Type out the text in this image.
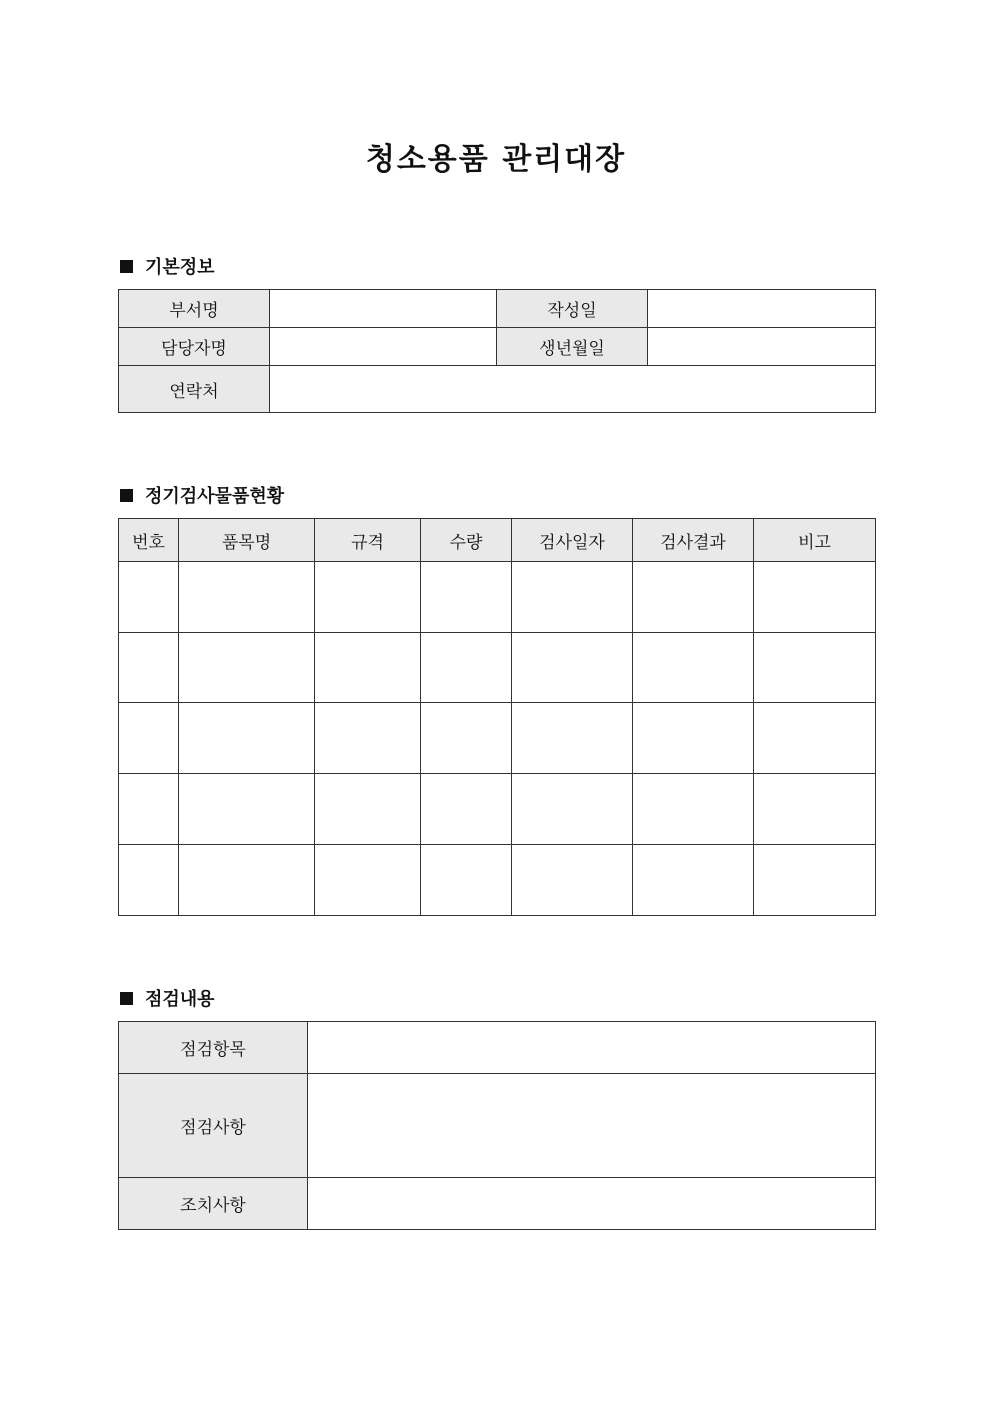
청소용품 관리대장
기본정보
부서명		작성일	
담당자명		생년월일	
연락처			
정기검사물품현황
번호	품목명	규격	수량	검사일자	검사결과	비고

점검내용
점검항목	
점검사항	
조치사항	
